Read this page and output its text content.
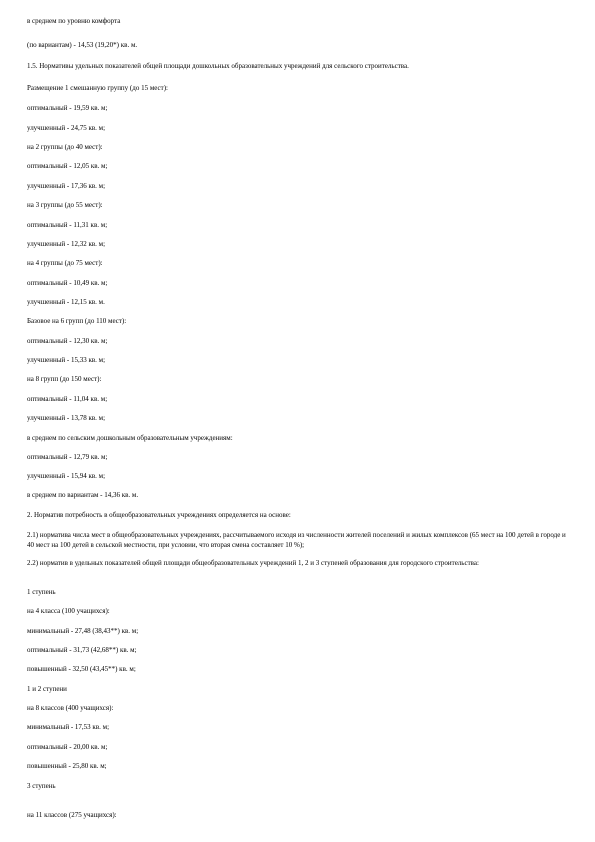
в среднем по уровню комфорта
(по вариантам) - 14,53 (19,20*) кв. м.
1.5. Нормативы удельных показателей общей площади дошкольных образовательных учреждений для сельского строительства.
Размещение 1 смешанную группу (до 15 мест):
оптимальный - 19,59 кв. м;
улучшенный - 24,75 кв. м;
на 2 группы (до 40 мест):
оптимальный - 12,05 кв. м;
улучшенный - 17,36 кв. м;
на 3 группы (до 55 мест):
оптимальный - 11,31 кв. м;
улучшенный - 12,32 кв. м;
на 4 группы (до 75 мест):
оптимальный - 10,49 кв. м;
улучшенный - 12,15 кв. м.
Базовое на 6 групп (до 110 мест):
оптимальный - 12,30 кв. м;
улучшенный - 15,33 кв. м;
на 8 групп (до 150 мест):
оптимальный - 11,04 кв. м;
улучшенный - 13,78 кв. м;
в среднем по сельским дошкольным образовательным учреждениям:
оптимальный - 12,79 кв. м;
улучшенный - 15,94 кв. м;
в среднем по вариантам - 14,36 кв. м.
2. Норматив потребность в общеобразовательных учреждениях определяется на основе:
2.1) норматива числа мест в общеобразовательных учреждениях, рассчитываемого исходя из численности жителей поселений и жилых комплексов (65 мест на 100 детей в городе и 40 мест на 100 детей в сельской местности, при условии, что вторая смена составляет 10 %);
2.2) норматив в удельных показателей общей площади общеобразовательных учреждений 1, 2 и 3 ступеней образования для городского строительства:
1 ступень
на 4 класса (100 учащихся):
минимальный - 27,48 (38,43**) кв. м;
оптимальный - 31,73 (42,68**) кв. м;
повышенный - 32,50 (43,45**) кв. м;
1 и 2 ступени
на 8 классов (400 учащихся):
минимальный - 17,53 кв. м;
оптимальный - 20,00 кв. м;
повышенный - 25,80 кв. м;
3 ступень
на 11 классов (275 учащихся):
